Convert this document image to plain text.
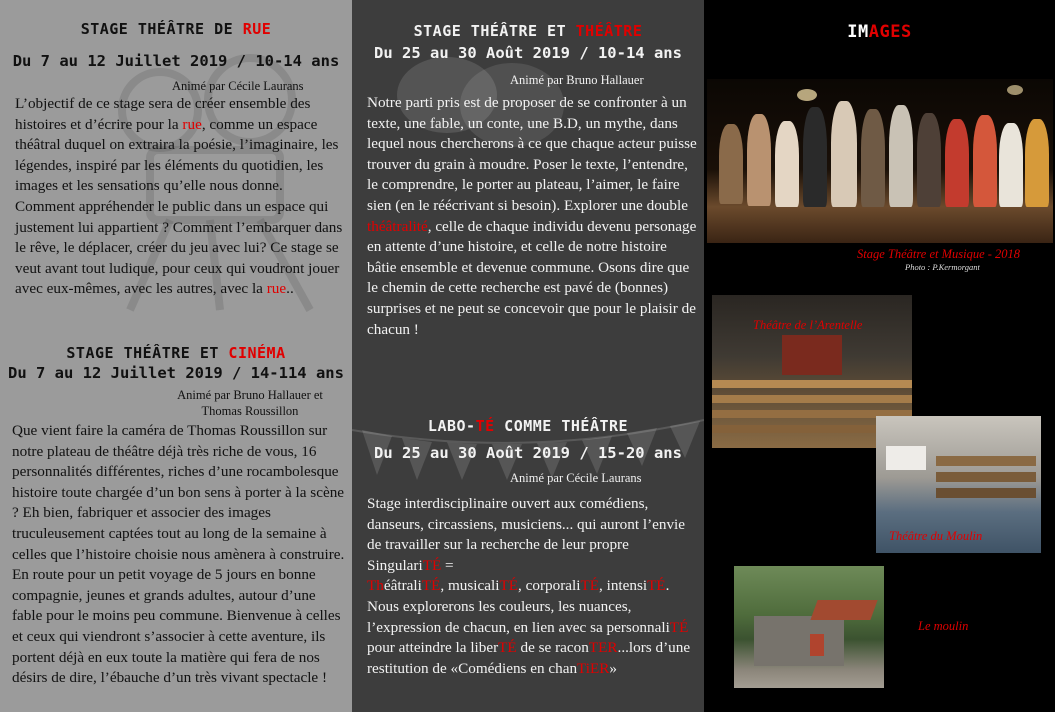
STAGE THÉÂTRE DE RUE
Du 7 au 12 Juillet 2019 / 10-14 ans
Animé par Cécile Laurans
L’objectif de ce stage sera de créer ensemble des histoires et d’écrire pour la rue, comme un espace théâtral duquel on extraira la poésie, l’imaginaire, les légendes, inspiré par les éléments du quotidien, les images et les sensations qu’elle nous donne. Comment appréhender le public dans un espace qui justement lui appartient ? Comment l’embarquer dans le rêve, le déplacer, créer du jeu avec lui? Ce stage se veut avant tout ludique, pour ceux qui voudront jouer avec eux-mêmes, avec les autres, avec la rue..
STAGE THÉÂTRE ET CINÉMA
Du 7 au 12 Juillet 2019 / 14-114 ans
Animé par Bruno Hallauer et
Thomas Roussillon
Que vient faire la caméra de Thomas Roussillon sur notre plateau de théâtre déjà très riche de vous, 16 personnalités différentes, riches d’une rocambolesque histoire toute chargée d’un bon sens à porter à la scène ? Eh bien, fabriquer et associer des images truculeusement captées tout au long de la semaine à celles que l’histoire choisie nous amènera à construire. En route pour un petit voyage de 5 jours en bonne compagnie, jeunes et grands adultes, autour d’une fable pour le moins peu commune. Bienvenue à celles et ceux qui viendront s’associer à cette aventure, ils portent déjà en eux toute la matière qui fera de nos désirs de dire, l’ébauche d’un très vivant spectacle !
STAGE THÉÂTRE ET THÉÂTRE
Du 25 au 30 Août 2019 / 10-14 ans
Animé par Bruno Hallauer
Notre parti pris est de proposer de se confronter à un texte, une fable, un conte, une B.D, un mythe, dans lequel nous chercherons à ce que chaque acteur puisse trouver du grain à moudre. Poser le texte, l’entendre, le comprendre, le porter au plateau, l’aimer, le faire sien (en le réécrivant si besoin). Explorer une double théâtralité, celle de chaque individu devenu personage en attente d’une histoire, et celle de notre histoire bâtie ensemble et devenue commune. Osons dire que le chemin de cette recherche est pavé de (bonnes) surprises et ne peut se concevoir que pour le plaisir de chacun !
LABO-TÉ COMME THÉÂTRE
Du 25 au 30 Août 2019 / 15-20 ans
Animé par Cécile Laurans
Stage interdisciplinaire ouvert aux comédiens, danseurs, circassiens, musiciens... qui auront l’envie de travailler sur la recherche de leur propre SingulariTÉ =
ThéâtraliTÉ, musicaliTÉ, corporaliTÉ, intensiTÉ. Nous explorerons les couleurs, les nuances, l’expression de chacun, en lien avec sa personnaliTÉ pour atteindre la liberTÉ de se raconTER...lors d’une restitution de «Comédiens en chanTiER»
IMAGES
Stage Théâtre et Musique - 2018
Photo : P.Kermorgant
Théâtre de l’Arentelle
Théâtre du Moulin
Le moulin
